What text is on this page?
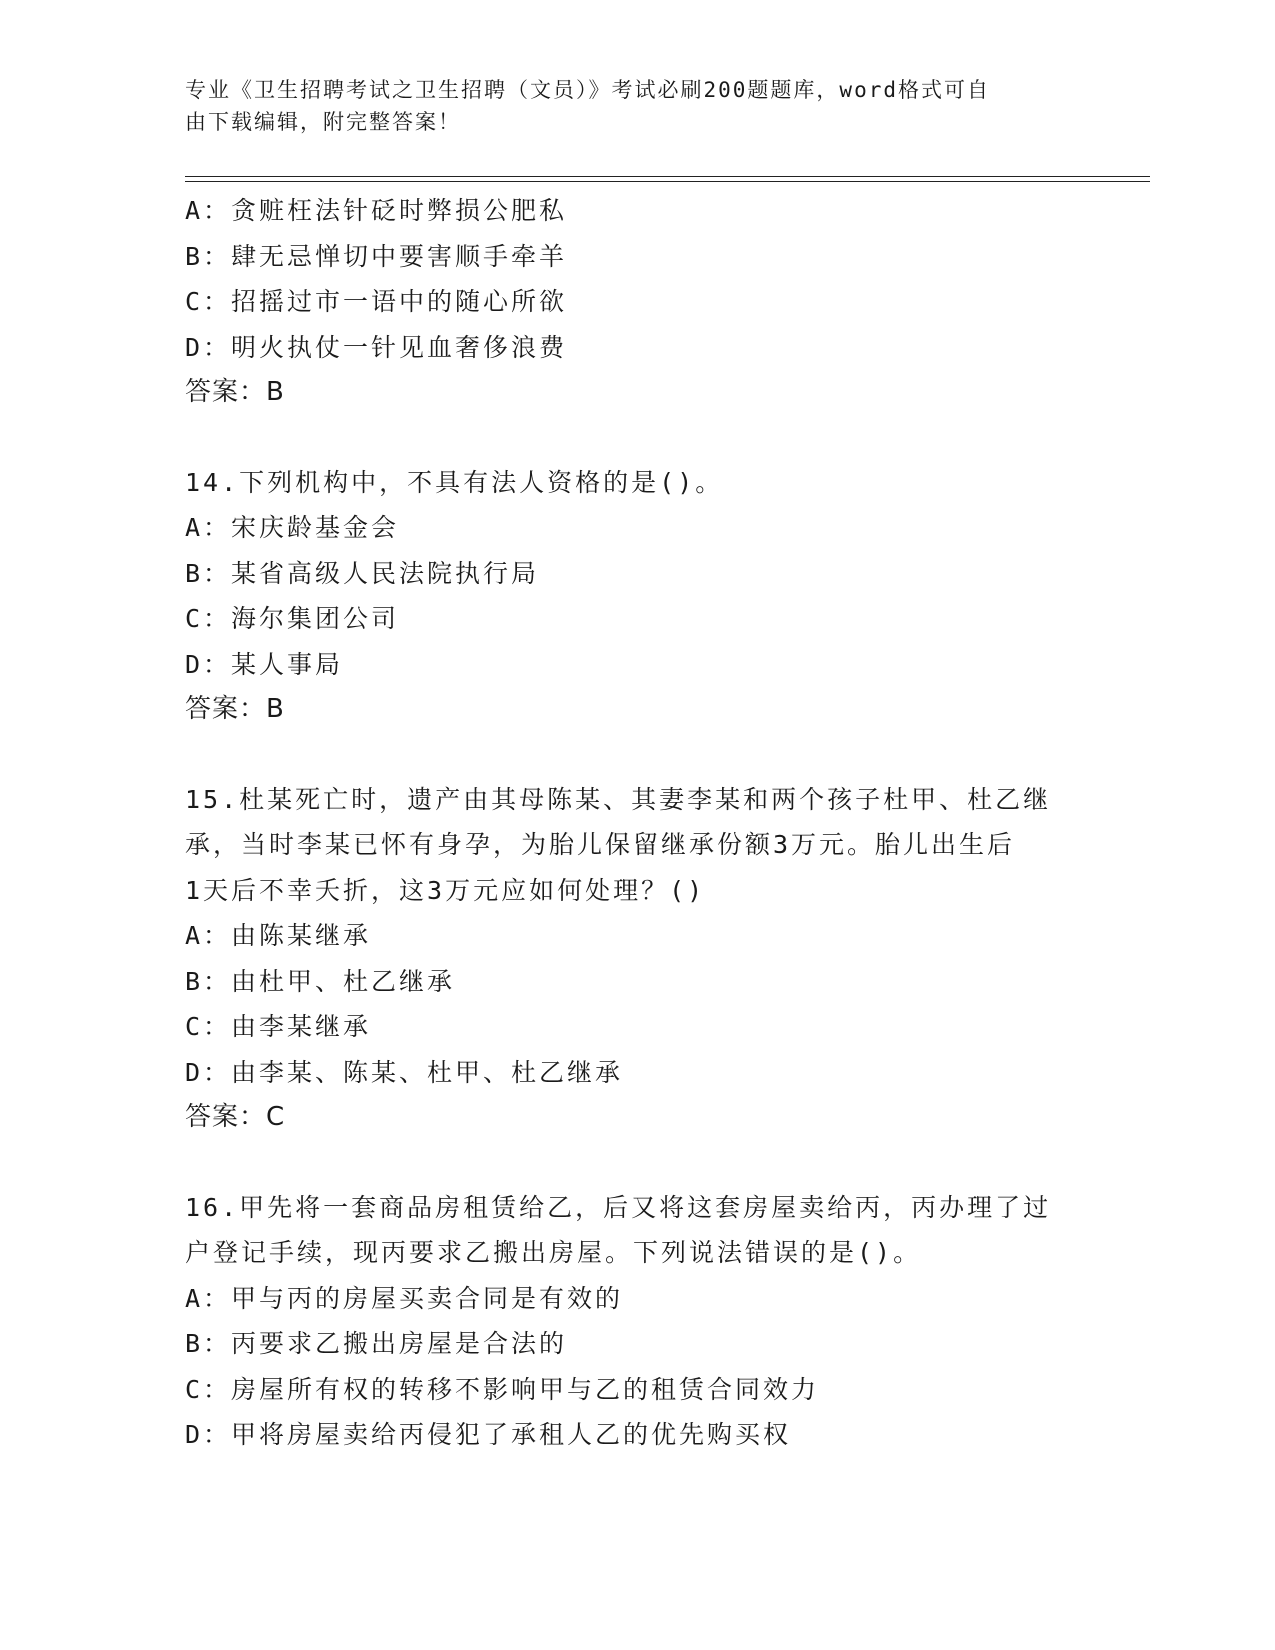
专业《卫生招聘考试之卫生招聘（文员）》考试必刷200题题库，word格式可自
由下载编辑，附完整答案！
A：贪赃枉法针砭时弊损公肥私
B：肆无忌惮切中要害顺手牵羊
C：招摇过市一语中的随心所欲
D：明火执仗一针见血奢侈浪费
答案：B
14.下列机构中，不具有法人资格的是()。
A：宋庆龄基金会
B：某省高级人民法院执行局
C：海尔集团公司
D：某人事局
答案：B
15.杜某死亡时，遗产由其母陈某、其妻李某和两个孩子杜甲、杜乙继
承，当时李某已怀有身孕，为胎儿保留继承份额3万元。胎儿出生后
1天后不幸夭折，这3万元应如何处理？()
A：由陈某继承
B：由杜甲、杜乙继承
C：由李某继承
D：由李某、陈某、杜甲、杜乙继承
答案：C
16.甲先将一套商品房租赁给乙，后又将这套房屋卖给丙，丙办理了过
户登记手续，现丙要求乙搬出房屋。下列说法错误的是()。
A：甲与丙的房屋买卖合同是有效的
B：丙要求乙搬出房屋是合法的
C：房屋所有权的转移不影响甲与乙的租赁合同效力
D：甲将房屋卖给丙侵犯了承租人乙的优先购买权
